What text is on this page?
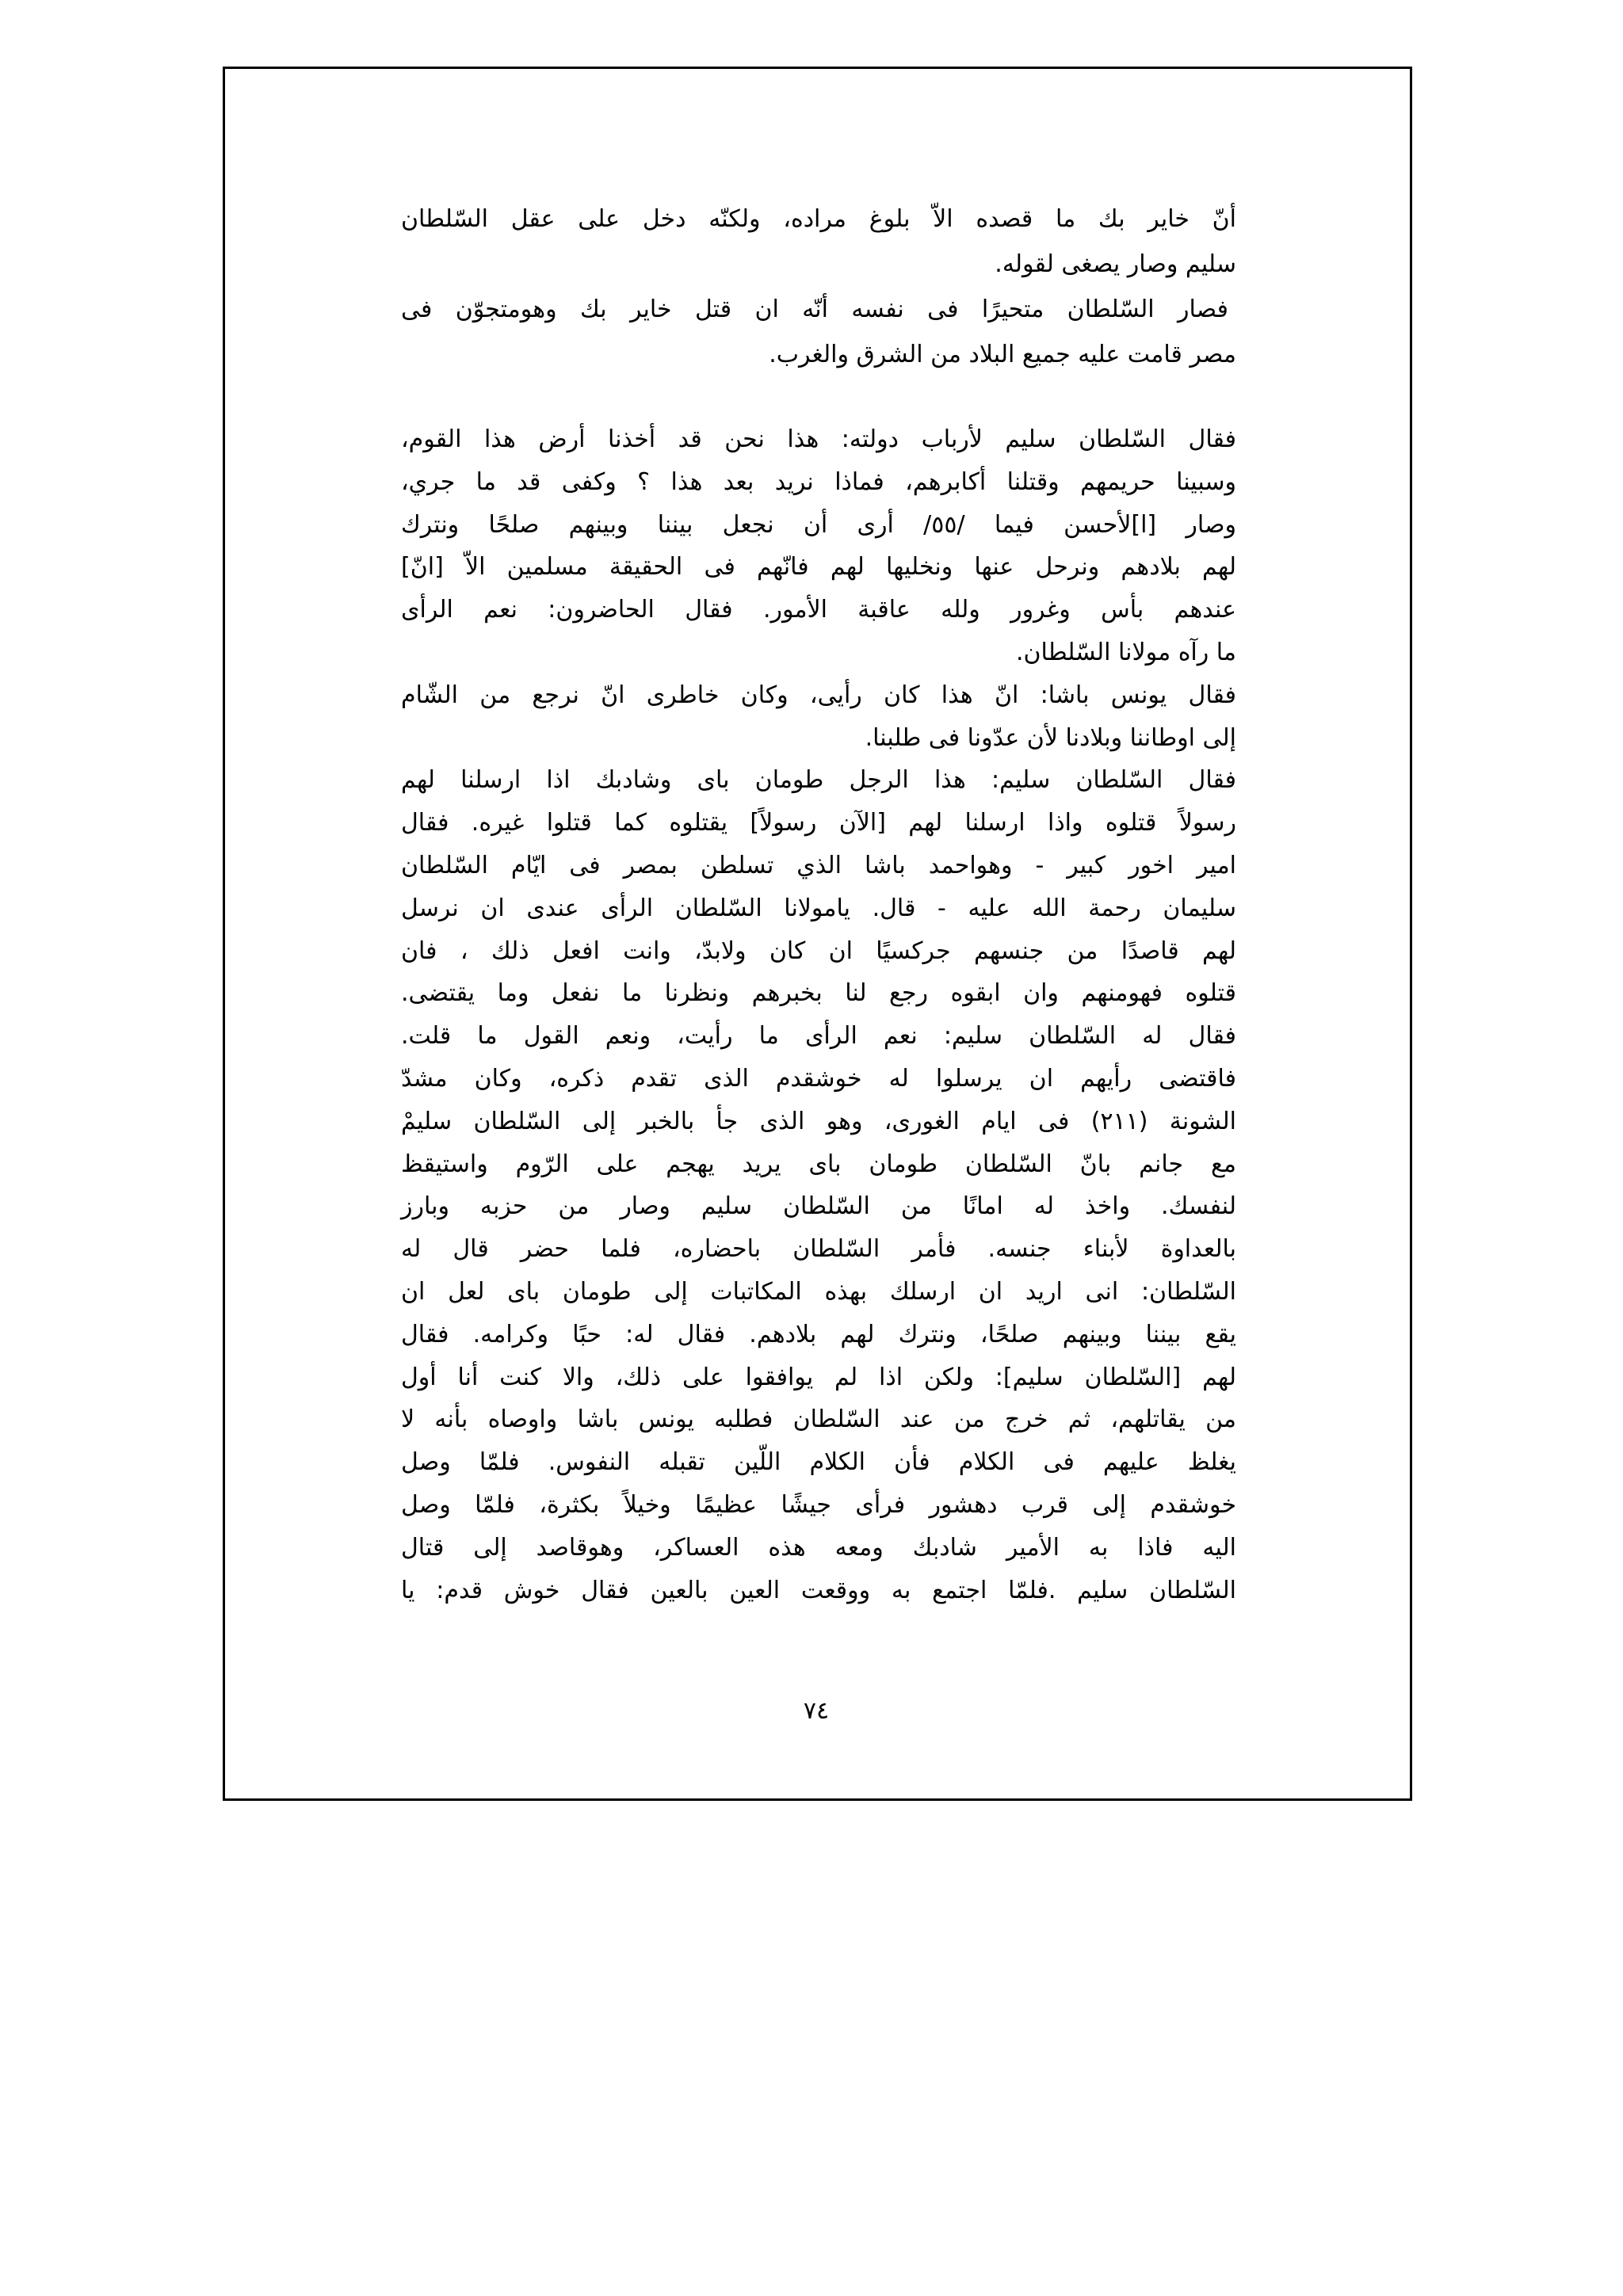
أنّ خاير بك ما قصده الاّ بلوغ مراده، ولكنّه دخل على عقل السّلطان
سليم وصار يصغى لقوله.
فصار السّلطان متحيرًا فى نفسه أنّه ان قتل خاير بك وهومتجوّن فى
مصر قامت عليه جميع البلاد من الشرق والغرب.
فقال السّلطان سليم لأرباب دولته: هذا نحن قد أخذنا أرض هذا القوم،
وسبينا حريمهم وقتلنا أكابرهم، فماذا نريد بعد هذا ؟ وكفى قد ما جري،
وصار [ا]لأحسن فيما /٥٥/ أرى أن نجعل بيننا وبينهم صلحًا ونترك
لهم بلادهم ونرحل عنها ونخليها لهم فانّهم فى الحقيقة مسلمين الاّ [انّ]
عندهم بأس وغرور ولله عاقبة الأمور. فقال الحاضرون: نعم الرأى
ما رآه مولانا السّلطان.
فقال يونس باشا: انّ هذا كان رأيى، وكان خاطرى انّ نرجع من الشّام
إلى اوطاننا وبلادنا لأن عدّونا فى طلبنا.
فقال السّلطان سليم: هذا الرجل طومان باى وشادبك اذا ارسلنا لهم
رسولاً قتلوه واذا ارسلنا لهم [الآن رسولاً] يقتلوه كما قتلوا غيره. فقال
امير اخور كبير - وهواحمد باشا الذي تسلطن بمصر فى ايّام السّلطان
سليمان رحمة الله عليه - قال. يامولانا السّلطان الرأى عندى ان نرسل
لهم قاصدًا من جنسهم جركسيًا ان كان ولابدّ، وانت افعل ذلك ، فان
قتلوه فهومنهم وان ابقوه رجع لنا بخبرهم ونظرنا ما نفعل وما يقتضى.
فقال له السّلطان سليم: نعم الرأى ما رأيت، ونعم القول ما قلت.
فاقتضى رأيهم ان يرسلوا له خوشقدم الذى تقدم ذكره، وكان مشدّ
الشونة (٢١١) فى ايام الغورى، وهو الذى جأ بالخبر إلى السّلطان سليمْ
مع جانم بانّ السّلطان طومان باى يريد يهجم على الرّوم واستيقظ
لنفسك. واخذ له امانًا من السّلطان سليم وصار من حزبه وبارز
بالعداوة لأبناء جنسه. فأمر السّلطان باحضاره، فلما حضر قال له
السّلطان: انى اريد ان ارسلك بهذه المكاتبات إلى طومان باى لعل ان
يقع بيننا وبينهم صلحًا، ونترك لهم بلادهم. فقال له: حبًا وكرامه. فقال
لهم [السّلطان سليم]: ولكن اذا لم يوافقوا على ذلك، والا كنت أنا أول
من يقاتلهم، ثم خرج من عند السّلطان فطلبه يونس باشا واوصاه بأنه لا
يغلظ عليهم فى الكلام فأن الكلام اللّين تقبله النفوس. فلمّا وصل
خوشقدم إلى قرب دهشور فرأى جيشًا عظيمًا وخيلاً بكثرة، فلمّا وصل
اليه فاذا به الأمير شادبك ومعه هذه العساكر، وهوقاصد إلى قتال
السّلطان سليم .فلمّا اجتمع به ووقعت العين بالعين فقال خوش قدم: يا
٧٤
